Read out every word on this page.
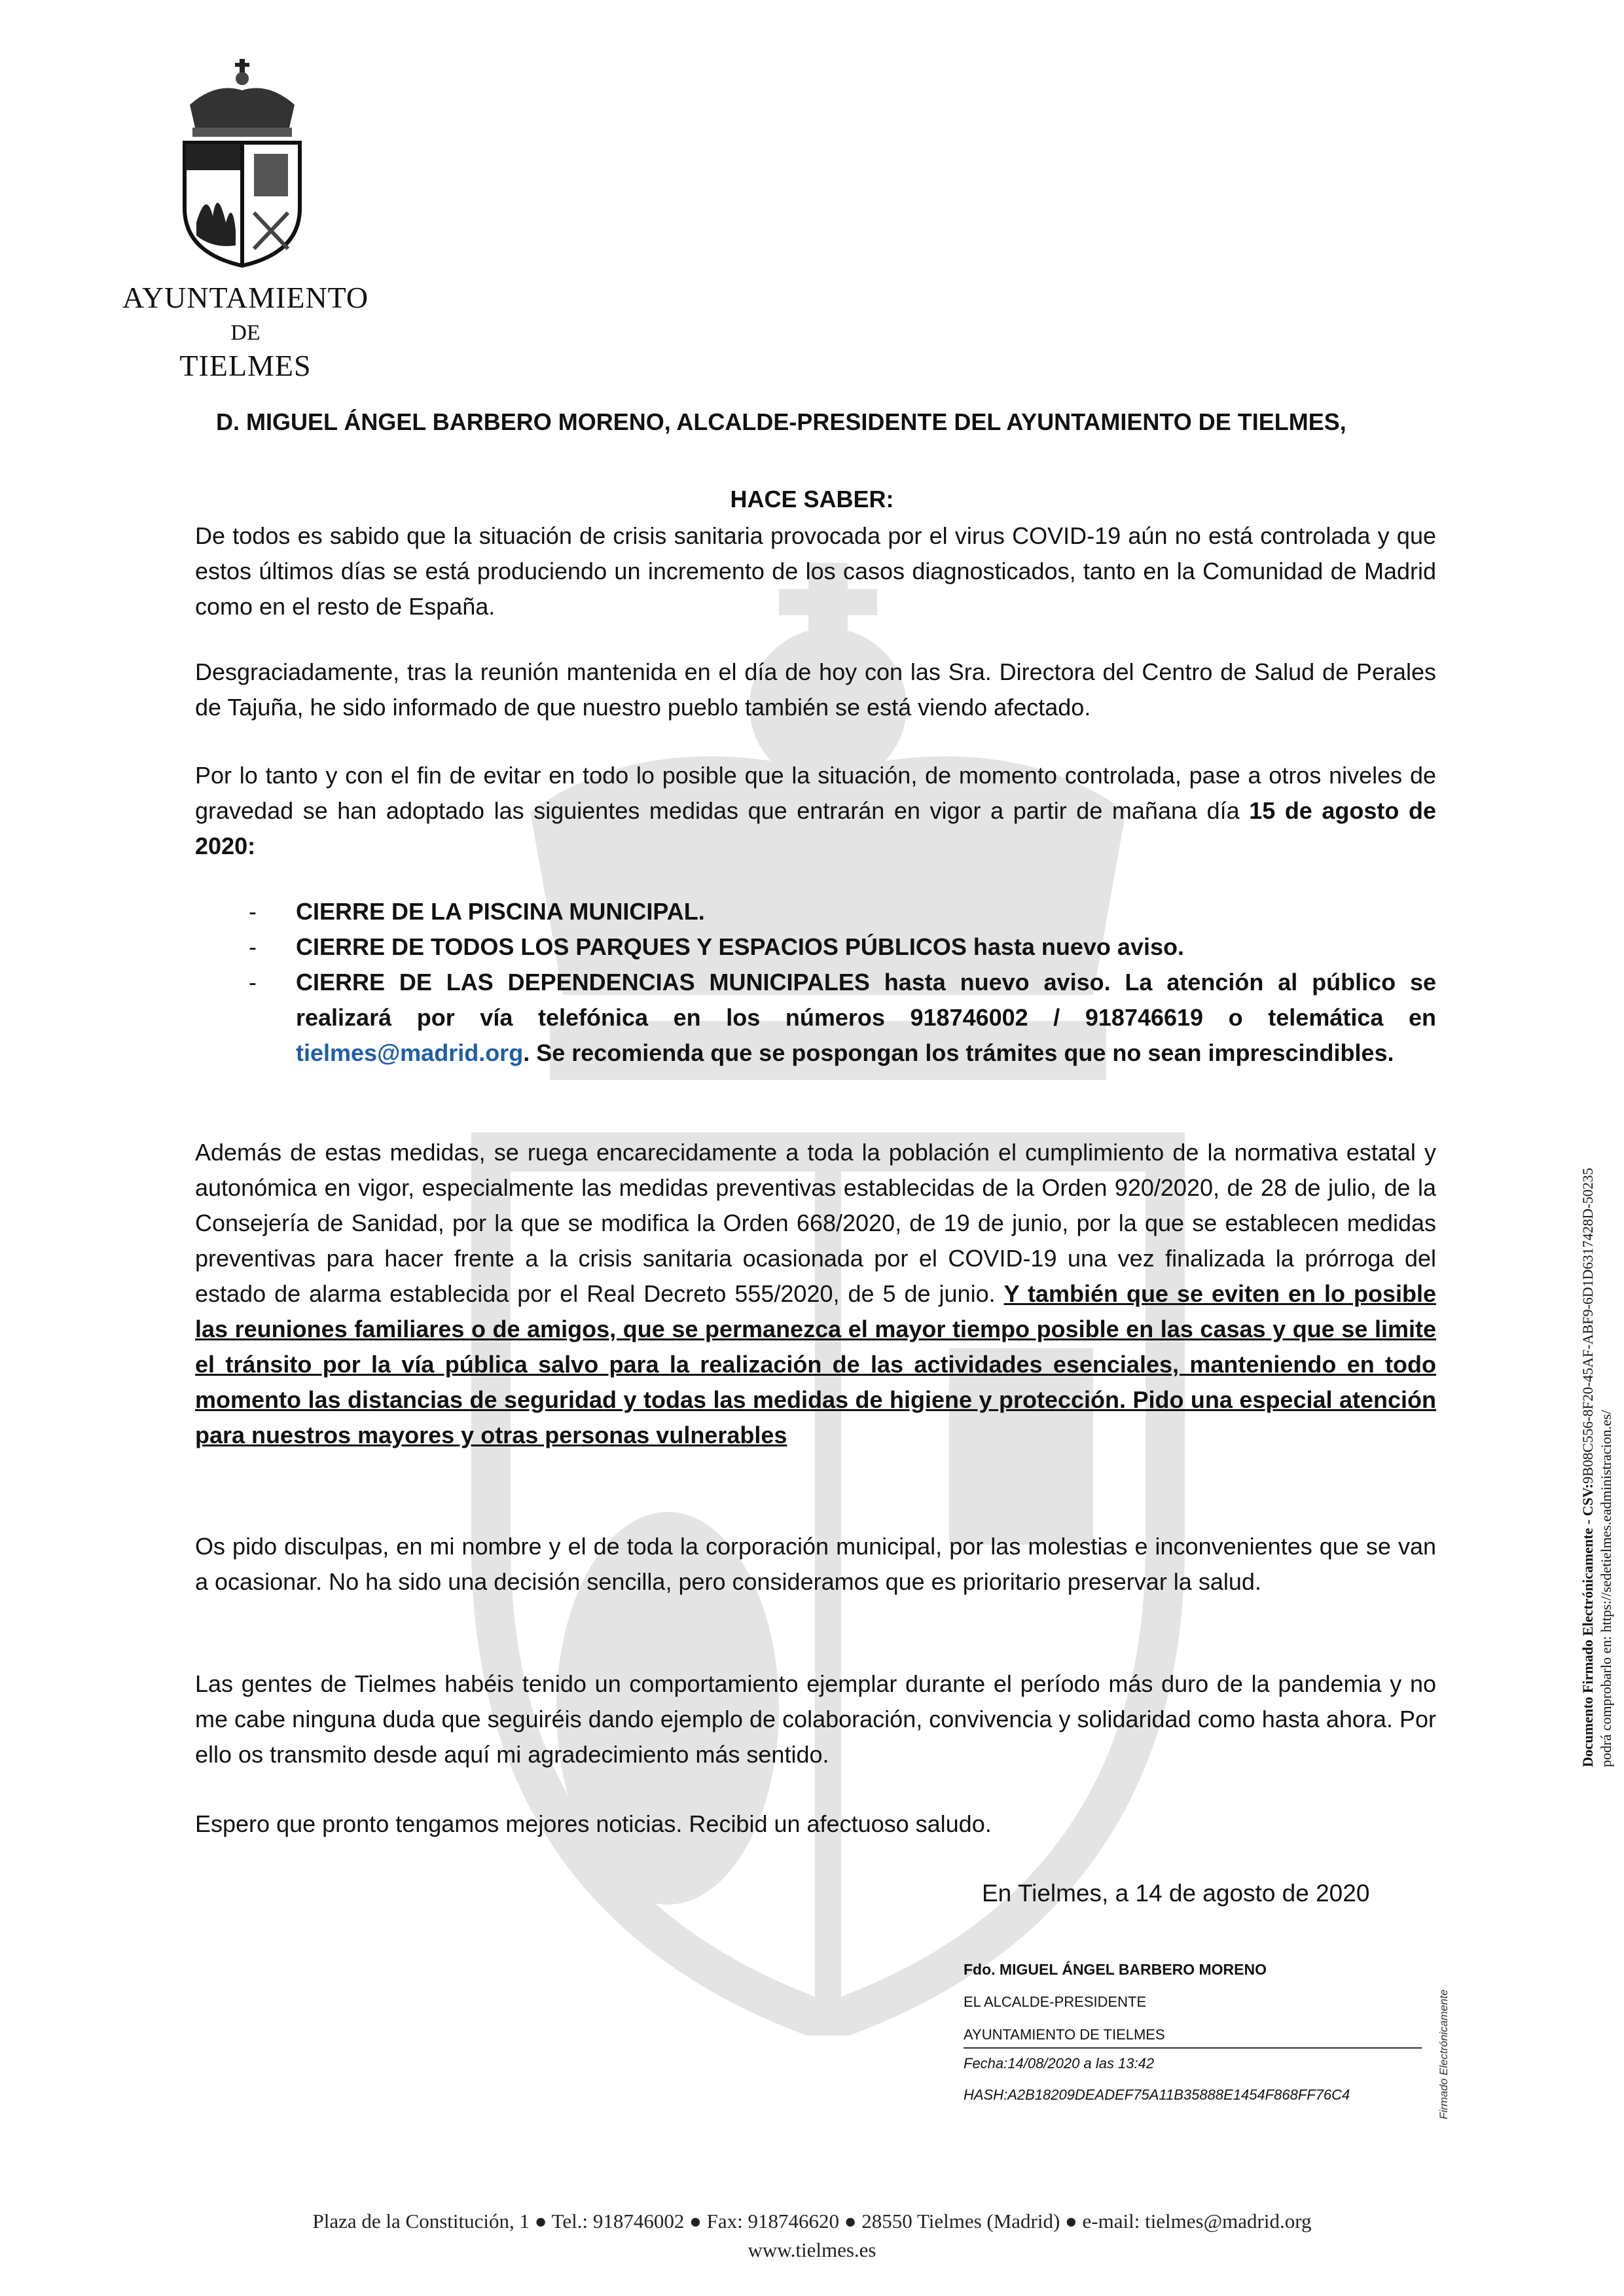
AYUNTAMIENTO
DE
TIELMES
D. MIGUEL ÁNGEL BARBERO MORENO, ALCALDE-PRESIDENTE DEL AYUNTAMIENTO DE TIELMES,
HACE SABER:
De todos es sabido que la situación de crisis sanitaria provocada por el virus COVID-19 aún no está controlada y que estos últimos días se está produciendo un incremento de los casos diagnosticados, tanto en la Comunidad de Madrid como en el resto de España.
Desgraciadamente, tras la reunión mantenida en el día de hoy con las Sra. Directora del Centro de Salud de Perales de Tajuña, he sido informado de que nuestro pueblo también se está viendo afectado.
Por lo tanto y con el fin de evitar en todo lo posible que la situación, de momento controlada, pase a otros niveles de gravedad se han adoptado las siguientes medidas que entrarán en vigor a partir de mañana día 15 de agosto de 2020:
- CIERRE DE LA PISCINA MUNICIPAL.
- CIERRE DE TODOS LOS PARQUES Y ESPACIOS PÚBLICOS hasta nuevo aviso.
- CIERRE DE LAS DEPENDENCIAS MUNICIPALES hasta nuevo aviso. La atención al público se realizará por vía telefónica en los números 918746002 / 918746619 o telemática en tielmes@madrid.org. Se recomienda que se pospongan los trámites que no sean imprescindibles.
Además de estas medidas, se ruega encarecidamente a toda la población el cumplimiento de la normativa estatal y autonómica en vigor, especialmente las medidas preventivas establecidas de la Orden 920/2020, de 28 de julio, de la Consejería de Sanidad, por la que se modifica la Orden 668/2020, de 19 de junio, por la que se establecen medidas preventivas para hacer frente a la crisis sanitaria ocasionada por el COVID-19 una vez finalizada la prórroga del estado de alarma establecida por el Real Decreto 555/2020, de 5 de junio. Y también que se eviten en lo posible las reuniones familiares o de amigos, que se permanezca el mayor tiempo posible en las casas y que se limite el tránsito por la vía pública salvo para la realización de las actividades esenciales, manteniendo en todo momento las distancias de seguridad y todas las medidas de higiene y protección. Pido una especial atención para nuestros mayores y otras personas vulnerables
Os pido disculpas, en mi nombre y el de toda la corporación municipal, por las molestias e inconvenientes que se van a ocasionar. No ha sido una decisión sencilla, pero consideramos que es prioritario preservar la salud.
Las gentes de Tielmes habéis tenido un comportamiento ejemplar durante el período más duro de la pandemia y no me cabe ninguna duda que seguiréis dando ejemplo de colaboración, convivencia y solidaridad como hasta ahora. Por ello os transmito desde aquí mi agradecimiento más sentido.
Espero que pronto tengamos mejores noticias. Recibid un afectuoso saludo.
En Tielmes, a 14 de agosto de 2020
Fdo. MIGUEL ÁNGEL BARBERO MORENO
EL ALCALDE-PRESIDENTE
AYUNTAMIENTO DE TIELMES
Fecha:14/08/2020 a las 13:42
HASH:A2B18209DEADEF75A11B35888E1454F868FF76C4	Firmado Electrónicamente
Documento Firmado Electrónicamente - CSV:9B08C556-8F20-45AF-ABF9-6D1D6317428D-50235
podrá comprobarlo en: https://sedetielmes.eadministracion.es/
Plaza de la Constitución, 1 ● Tel.: 918746002 ● Fax: 918746620 ● 28550 Tielmes (Madrid) ● e-mail: tielmes@madrid.org
www.tielmes.es
